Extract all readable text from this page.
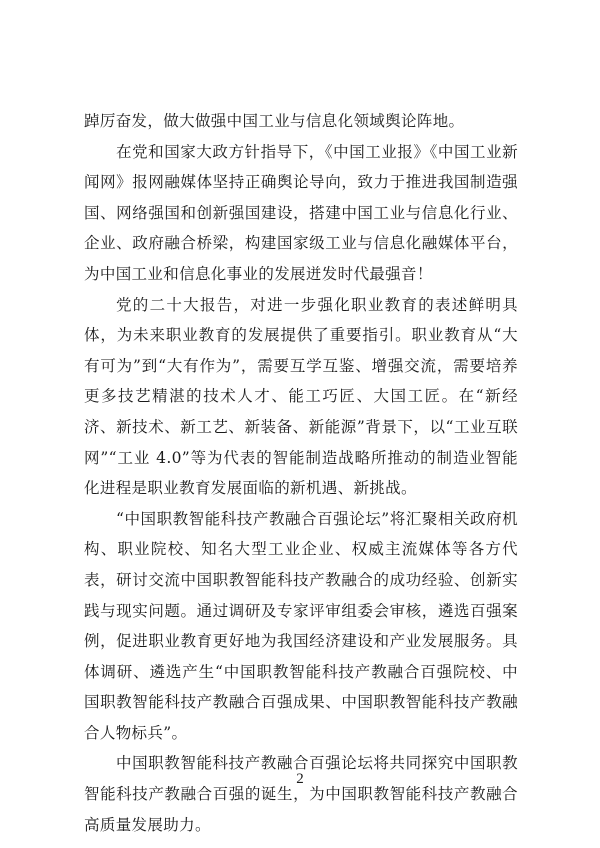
踔厉奋发，做大做强中国工业与信息化领域舆论阵地。

在党和国家大政方针指导下，《中国工业报》《中国工业新闻网》报网融媒体坚持正确舆论导向，致力于推进我国制造强国、网络强国和创新强国建设，搭建中国工业与信息化行业、企业、政府融合桥梁，构建国家级工业与信息化融媒体平台，为中国工业和信息化事业的发展迸发时代最强音！

党的二十大报告，对进一步强化职业教育的表述鲜明具体，为未来职业教育的发展提供了重要指引。职业教育从“大有可为”到“大有作为”，需要互学互鉴、增强交流，需要培养更多技艺精湛的技术人才、能工巧匠、大国工匠。在“新经济、新技术、新工艺、新装备、新能源”背景下，以“工业互联网”“工业 4.0”等为代表的智能制造战略所推动的制造业智能化进程是职业教育发展面临的新机遇、新挑战。

“中国职教智能科技产教融合百强论坛”将汇聚相关政府机构、职业院校、知名大型工业企业、权威主流媒体等各方代表，研讨交流中国职教智能科技产教融合的成功经验、创新实践与现实问题。通过调研及专家评审组委会审核，遴选百强案例，促进职业教育更好地为我国经济建设和产业发展服务。具体调研、遴选产生“中国职教智能科技产教融合百强院校、中国职教智能科技产教融合百强成果、中国职教智能科技产教融合人物标兵”。

中国职教智能科技产教融合百强论坛将共同探究中国职教智能科技产教融合百强的诞生，为中国职教智能科技产教融合高质量发展助力。

2
